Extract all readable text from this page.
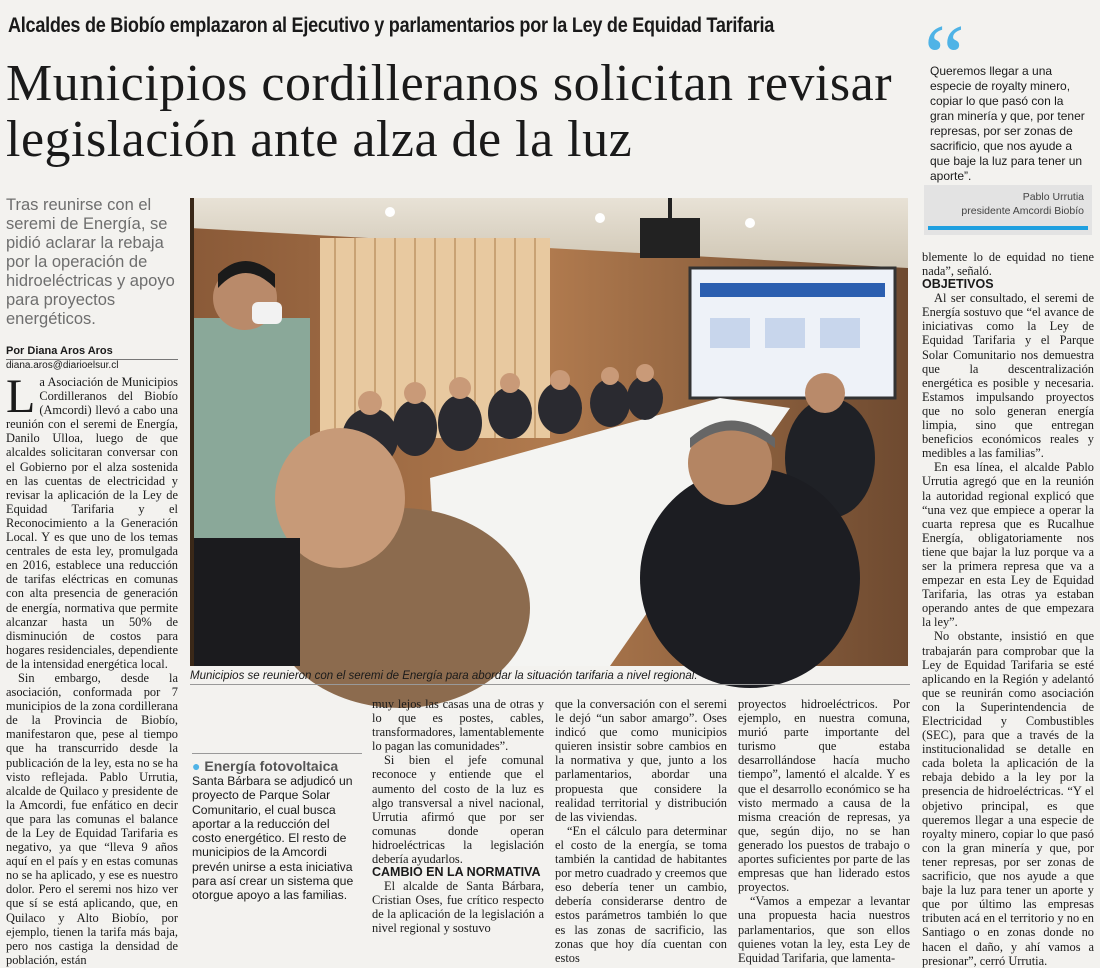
Alcaldes de Biobío emplazaron al Ejecutivo y parlamentarios por la Ley de Equidad Tarifaria
Municipios cordilleranos solicitan revisar legislación ante alza de la luz
Tras reunirse con el seremi de Energía, se pidió aclarar la rebaja por la operación de hidroeléctricas y apoyo para proyectos energéticos.
Por Diana Aros Aros
diana.aros@diarioelsur.cl
“
Queremos llegar a una especie de royalty minero, copiar lo que pasó con la gran minería y que, por tener represas, por ser zonas de sacrificio, que nos ayude a que baje la luz para tener un aporte”.
Pablo Urrutia
presidente Amcordi Biobío
Municipios se reunieron con el seremi de Energía para abordar la situación tarifaria a nivel regional.

La Asociación de Municipios Cordilleranos del Biobío (Amcordi) llevó a cabo una reunión con el seremi de Energía, Danilo Ulloa, luego de que alcaldes solicitaran conversar con el Gobierno por el alza sostenida en las cuentas de electricidad y revisar la aplicación de la Ley de Equidad Tarifaria y el Reconocimiento a la Generación Local. Y es que uno de los temas centrales de esta ley, promulgada en 2016, establece una reducción de tarifas eléctricas en comunas con alta presencia de generación de energía, normativa que permite alcanzar hasta un 50% de disminución de costos para hogares residenciales, dependiente de la intensidad energética local.

Sin embargo, desde la asociación, conformada por 7 municipios de la zona cordillerana de la Provincia de Biobío, manifestaron que, pese al tiempo que ha transcurrido desde la publicación de la ley, esta no se ha visto reflejada. Pablo Urrutia, alcalde de Quilaco y presidente de la Amcordi, fue enfático en decir que para las comunas el balance de la Ley de Equidad Tarifaria es negativo, ya que “lleva 9 años aquí en el país y en estas comunas no se ha aplicado, y ese es nuestro dolor. Pero el seremi nos hizo ver que sí se está aplicando, que, en Quilaco y Alto Biobío, por ejemplo, tienen la tarifa más baja, pero nos castiga la densidad de población, están

muy lejos las casas una de otras y lo que es postes, cables, transformadores, lamentablemente lo pagan las comunidades”.

Si bien el jefe comunal reconoce y entiende que el aumento del costo de la luz es algo transversal a nivel nacional, Urrutia afirmó que por ser comunas donde operan hidroeléctricas la legislación debería ayudarlos.

CAMBIO EN LA NORMATIVA

El alcalde de Santa Bárbara, Cristian Oses, fue crítico respecto de la aplicación de la legislación a nivel regional y sostuvo

● Energía fotovoltaica
Santa Bárbara se adjudicó un proyecto de Parque Solar Comunitario, el cual busca aportar a la reducción del costo energético. El resto de municipios de la Amcordi prevén unirse a esta iniciativa para así crear un sistema que otorgue apoyo a las familias.

que la conversación con el seremi le dejó “un sabor amargo”. Oses indicó que como municipios quieren insistir sobre cambios en la normativa y que, junto a los parlamentarios, abordar una propuesta que considere la realidad territorial y distribución de las viviendas.

“En el cálculo para determinar el costo de la energía, se toma también la cantidad de habitantes por metro cuadrado y creemos que eso debería tener un cambio, debería considerarse dentro de estos parámetros también lo que es las zonas de sacrificio, las zonas que hoy día cuentan con estos

proyectos hidroeléctricos. Por ejemplo, en nuestra comuna, murió parte importante del turismo que estaba desarrollándose hacía mucho tiempo”, lamentó el alcalde. Y es que el desarrollo económico se ha visto mermado a causa de la misma creación de represas, ya que, según dijo, no se han generado los puestos de trabajo o aportes suficientes por parte de las empresas que han liderado estos proyectos.

“Vamos a empezar a levantar una propuesta hacia nuestros parlamentarios, que son ellos quienes votan la ley, esta Ley de Equidad Tarifaria, que lamenta-

blemente lo de equidad no tiene nada”, señaló.

OBJETIVOS

Al ser consultado, el seremi de Energía sostuvo que “el avance de iniciativas como la Ley de Equidad Tarifaria y el Parque Solar Comunitario nos demuestra que la descentralización energética es posible y necesaria. Estamos impulsando proyectos que no solo generan energía limpia, sino que entregan beneficios económicos reales y medibles a las familias”.

En esa línea, el alcalde Pablo Urrutia agregó que en la reunión la autoridad regional explicó que “una vez que empiece a operar la cuarta represa que es Rucalhue Energía, obligatoriamente nos tiene que bajar la luz porque va a ser la primera represa que va a empezar en esta Ley de Equidad Tarifaria, las otras ya estaban operando antes de que empezara la ley”.

No obstante, insistió en que trabajarán para comprobar que la Ley de Equidad Tarifaria se esté aplicando en la Región y adelantó que se reunirán como asociación con la Superintendencia de Electricidad y Combustibles (SEC), para que a través de la institucionalidad se detalle en cada boleta la aplicación de la rebaja debido a la ley por la presencia de hidroeléctricas. “Y el objetivo principal, es que queremos llegar a una especie de royalty minero, copiar lo que pasó con la gran minería y que, por tener represas, por ser zonas de sacrificio, que nos ayude a que baje la luz para tener un aporte y que por último las empresas tributen acá en el territorio y no en Santiago o en zonas donde no hacen el daño, y ahí vamos a presionar”, cerró Urrutia.
